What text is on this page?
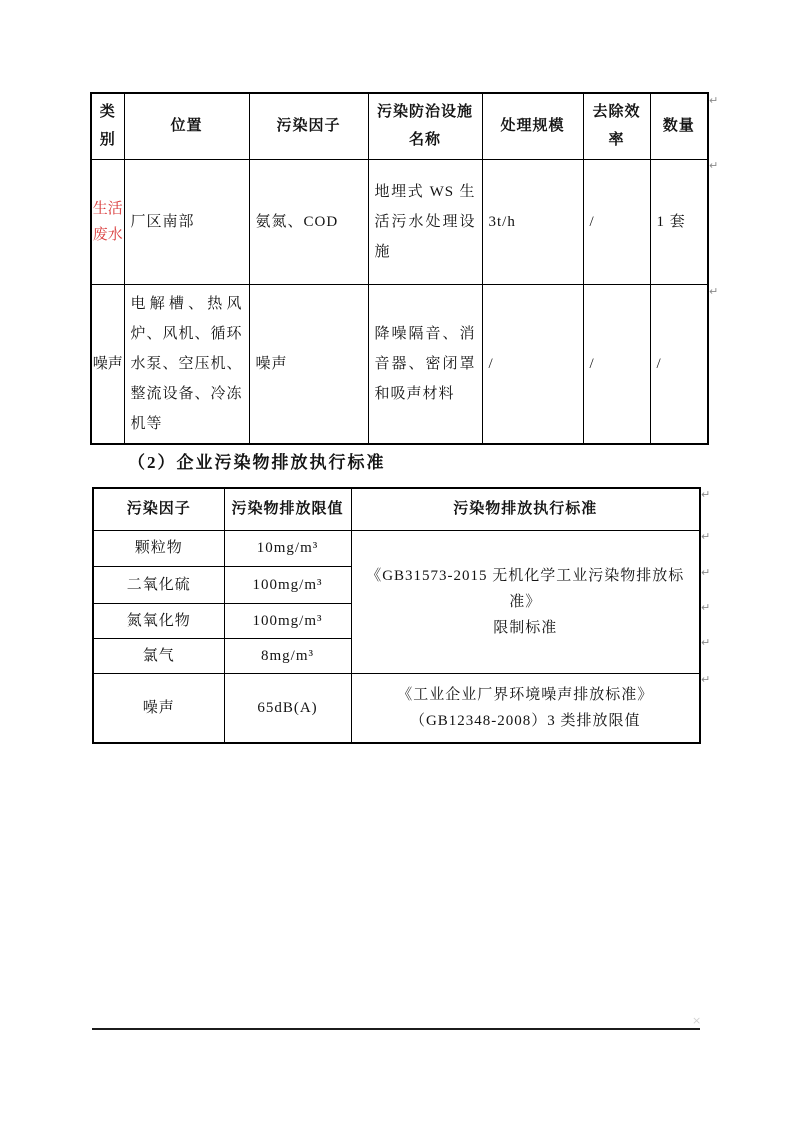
类别	位置	污染因子	污染防治设施名称	处理规模	去除效率	数量
生活废水	厂区南部	氨氮、COD	地埋式 WS 生活污水处理设施	3t/h	/	1 套
噪声	电解槽、热风炉、风机、循环水泵、空压机、整流设备、冷冻机等	噪声	降噪隔音、消音器、密闭罩和吸声材料	/	/	/
（2）企业污染物排放执行标准
污染因子	污染物排放限值	污染物排放执行标准
颗粒物	10mg/m³	《GB31573-2015 无机化学工业污染物排放标准》
限制标准

二氧化硫	100mg/m³	
氮氧化物	100mg/m³	
氯气	8mg/m³	
噪声	65dB(A)	《工业企业厂界环境噪声排放标准》
（GB12348-2008）3 类排放限值
↵
↵
↵
↵
↵
↵
↵
↵
↵
×
